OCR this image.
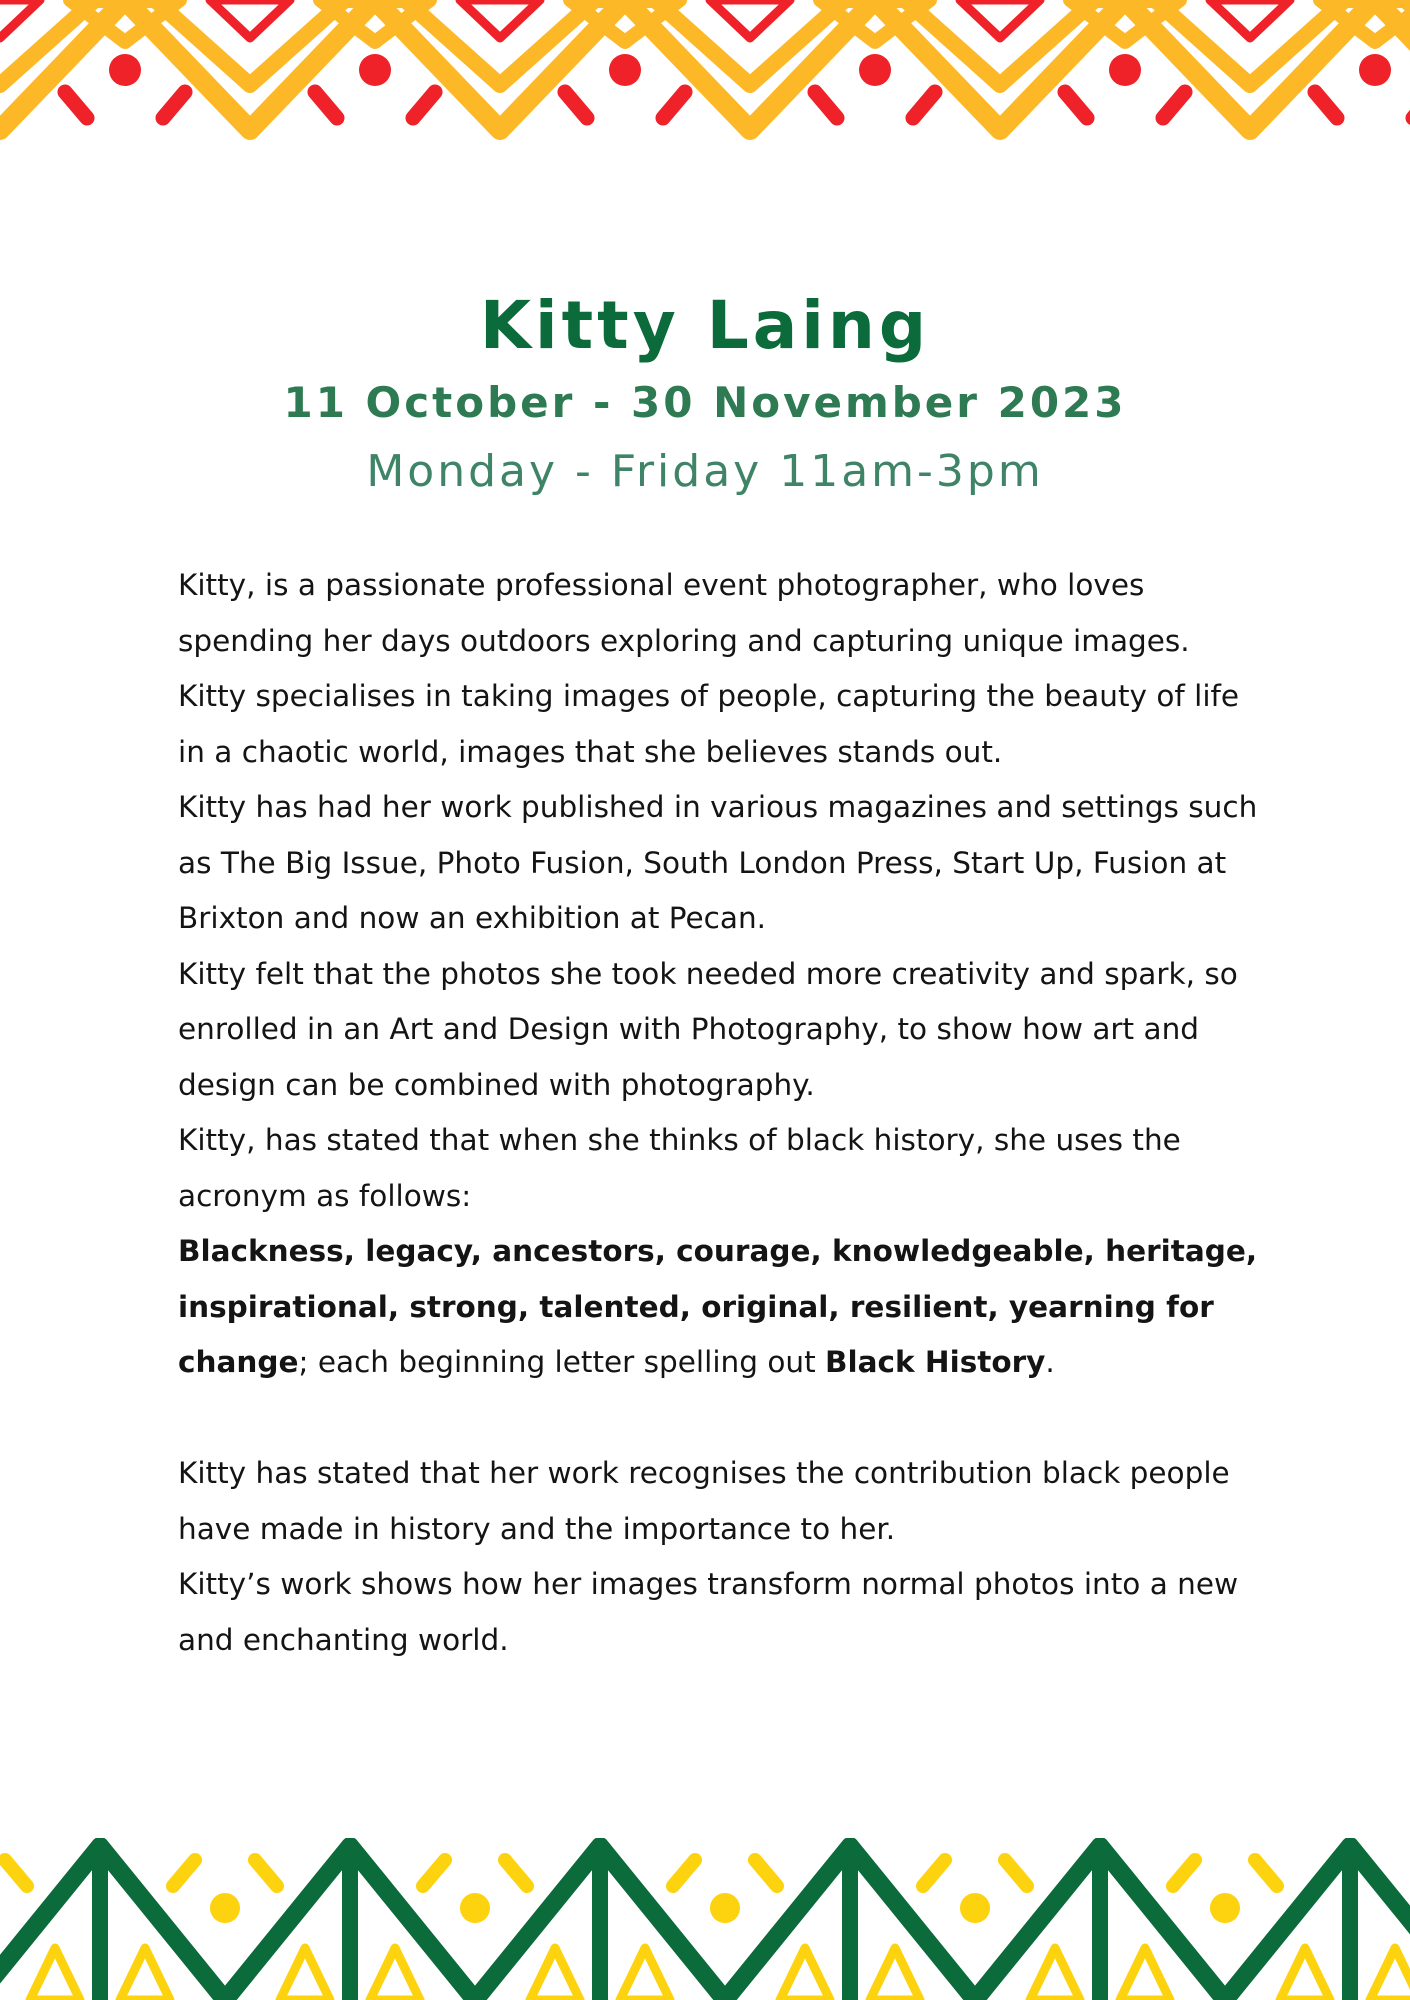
Kitty Laing
11 October - 30 November 2023
Monday - Friday 11am-3pm

Kitty, is a passionate professional event photographer, who loves spending her days outdoors exploring and capturing unique images. Kitty specialises in taking images of people, capturing the beauty of life in a chaotic world, images that she believes stands out.

Kitty has had her work published in various magazines and settings such as The Big Issue, Photo Fusion, South London Press, Start Up, Fusion at Brixton and now an exhibition at Pecan.

Kitty felt that the photos she took needed more creativity and spark, so enrolled in an Art and Design with Photography, to show how art and design can be combined with photography.

Kitty, has stated that when she thinks of black history, she uses the acronym as follows:

Blackness, legacy, ancestors, courage, knowledgeable, heritage, inspirational, strong, talented, original, resilient, yearning for change; each beginning letter spelling out Black History.

Kitty has stated that her work recognises the contribution black people have made in history and the importance to her.

Kitty’s work shows how her images transform normal photos into a new and enchanting world.
